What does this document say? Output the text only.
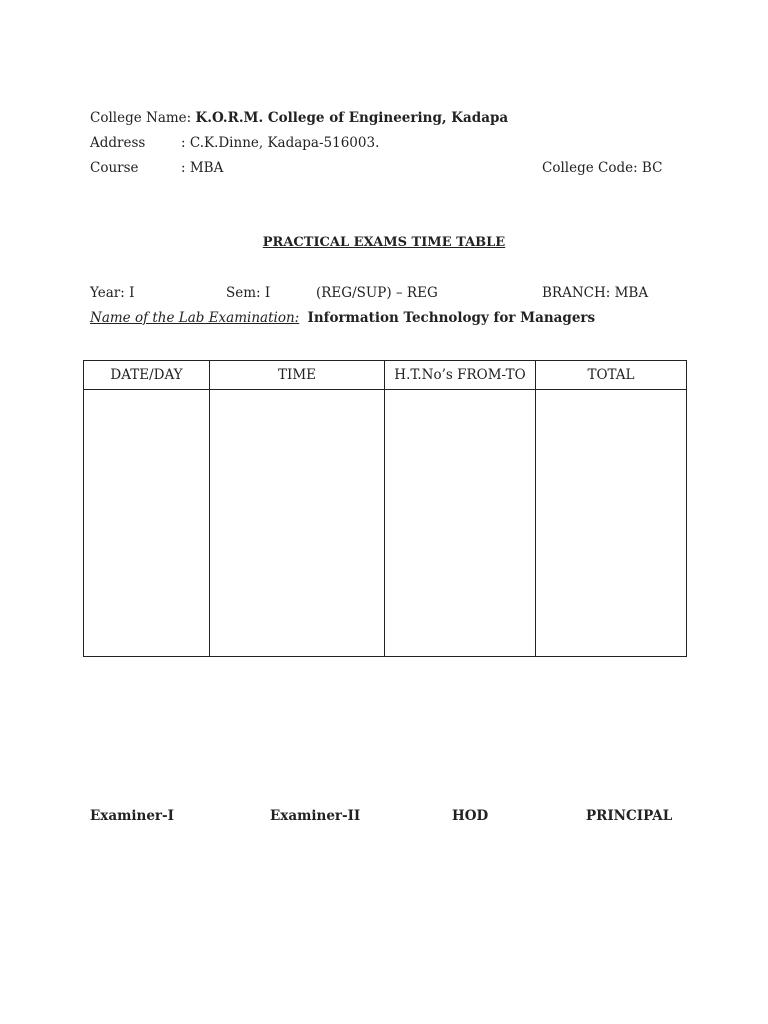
College Name: K.O.R.M. College of Engineering, Kadapa
Address	: C.K.Dinne, Kadapa-516003.
Course	: MBA	College Code: BC
PRACTICAL EXAMS TIME TABLE
Year: I	Sem: I	(REG/SUP) – REG	BRANCH: MBA
Name of the Lab Examination: Information Technology for Managers
DATE/DAY	TIME	H.T.No’s FROM-TO	TOTAL

Examiner-I	Examiner-II	HOD	PRINCIPAL
